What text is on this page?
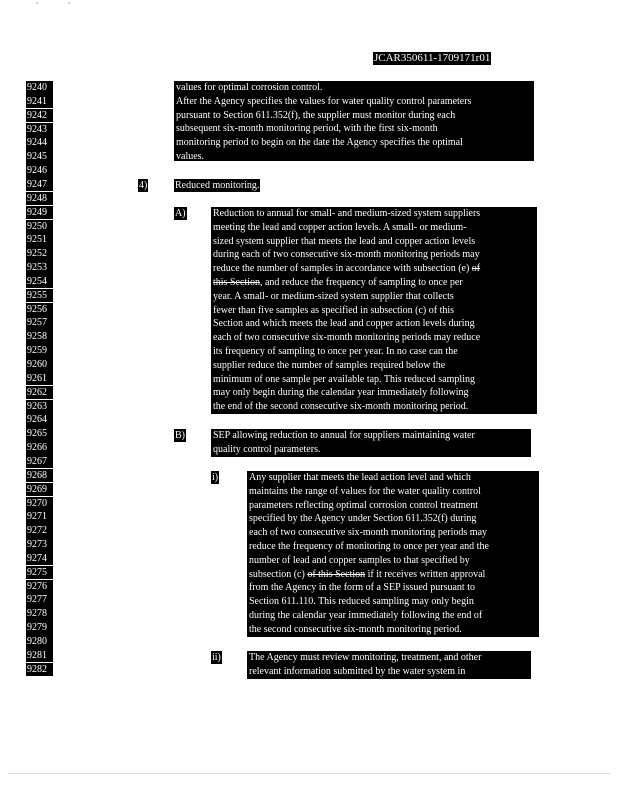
JCAR350611-1709171r01
9240
9241
9242
9243
9244
9245
9246
9247
9248
9249
9250
9251
9252
9253
9254
9255
9256
9257
9258
9259
9260
9261
9262
9263
9264
9265
9266
9267
9268
9269
9270
9271
9272
9273
9274
9275
9276
9277
9278
9279
9280
9281
9282

values for optimal corrosion control.

After the Agency specifies the values for water quality control parameters

pursuant to Section 611.352(f), the supplier must monitor during each

subsequent six-month monitoring period, with the first six-month

monitoring period to begin on the date the Agency specifies the optimal

values.

4)	Reduced monitoring.
A)	Reduction to annual for small- and medium-sized system suppliers

meeting the lead and copper action levels. A small- or medium-

sized system supplier that meets the lead and copper action levels

during each of two consecutive six-month monitoring periods may

reduce the number of samples in accordance with subsection (e) of

this Section, and reduce the frequency of sampling to once per

year. A small- or medium-sized system supplier that collects

fewer than five samples as specified in subsection (c) of this

Section and which meets the lead and copper action levels during

each of two consecutive six-month monitoring periods may reduce

its frequency of sampling to once per year. In no case can the

supplier reduce the number of samples required below the

minimum of one sample per available tap. This reduced sampling

may only begin during the calendar year immediately following

the end of the second consecutive six-month monitoring period.

B)	SEP allowing reduction to annual for suppliers maintaining water

quality control parameters.

i)	Any supplier that meets the lead action level and which

maintains the range of values for the water quality control

parameters reflecting optimal corrosion control treatment

specified by the Agency under Section 611.352(f) during

each of two consecutive six-month monitoring periods may

reduce the frequency of monitoring to once per year and the

number of lead and copper samples to that specified by

subsection (c) of this Section if it receives written approval

from the Agency in the form of a SEP issued pursuant to

Section 611.110. This reduced sampling may only begin

during the calendar year immediately following the end of

the second consecutive six-month monitoring period.

ii)	The Agency must review monitoring, treatment, and other

relevant information submitted by the water system in
